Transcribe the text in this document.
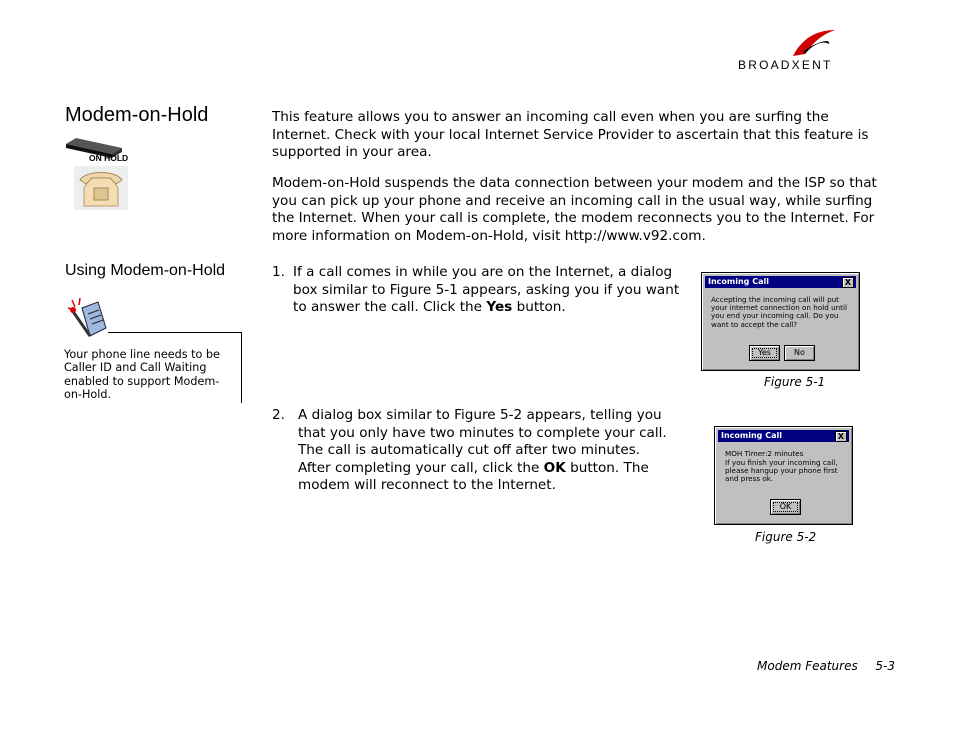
BROADXENT
Modem-on-Hold
ON HOLD
This feature allows you to answer an incoming call even when you are surfing the Internet. Check with your local Internet Service Provider to ascertain that this feature is supported in your area.
Modem-on-Hold suspends the data connection between your modem and the ISP so that you can pick up your phone and receive an incoming call in the usual way, while surfing the Internet. When your call is complete, the modem reconnects you to the Internet. For more information on Modem-on-Hold, visit http://www.v92.com.
Using Modem-on-Hold
Your phone line needs to be Caller ID and Call Waiting enabled to support Modem-on-Hold.
1. If a call comes in while you are on the Internet, a dialog box similar to Figure 5-1 appears, asking you if you want to answer the call. Click the Yes button.
Incoming Call	X
Accepting the incoming call will put your internet connection on hold until you end your incoming call. Do you want to accept the call?
Yes	No
Figure 5-1
2. A dialog box similar to Figure 5-2 appears, telling you that you only have two minutes to complete your call. The call is automatically cut off after two minutes. After completing your call, click the OK button. The modem will reconnect to the Internet.
Incoming Call	X
MOH Timer:2 minutes
If you finish your incoming call, please hangup your phone first and press ok.
OK
Figure 5-2
Modem Features 5-3
